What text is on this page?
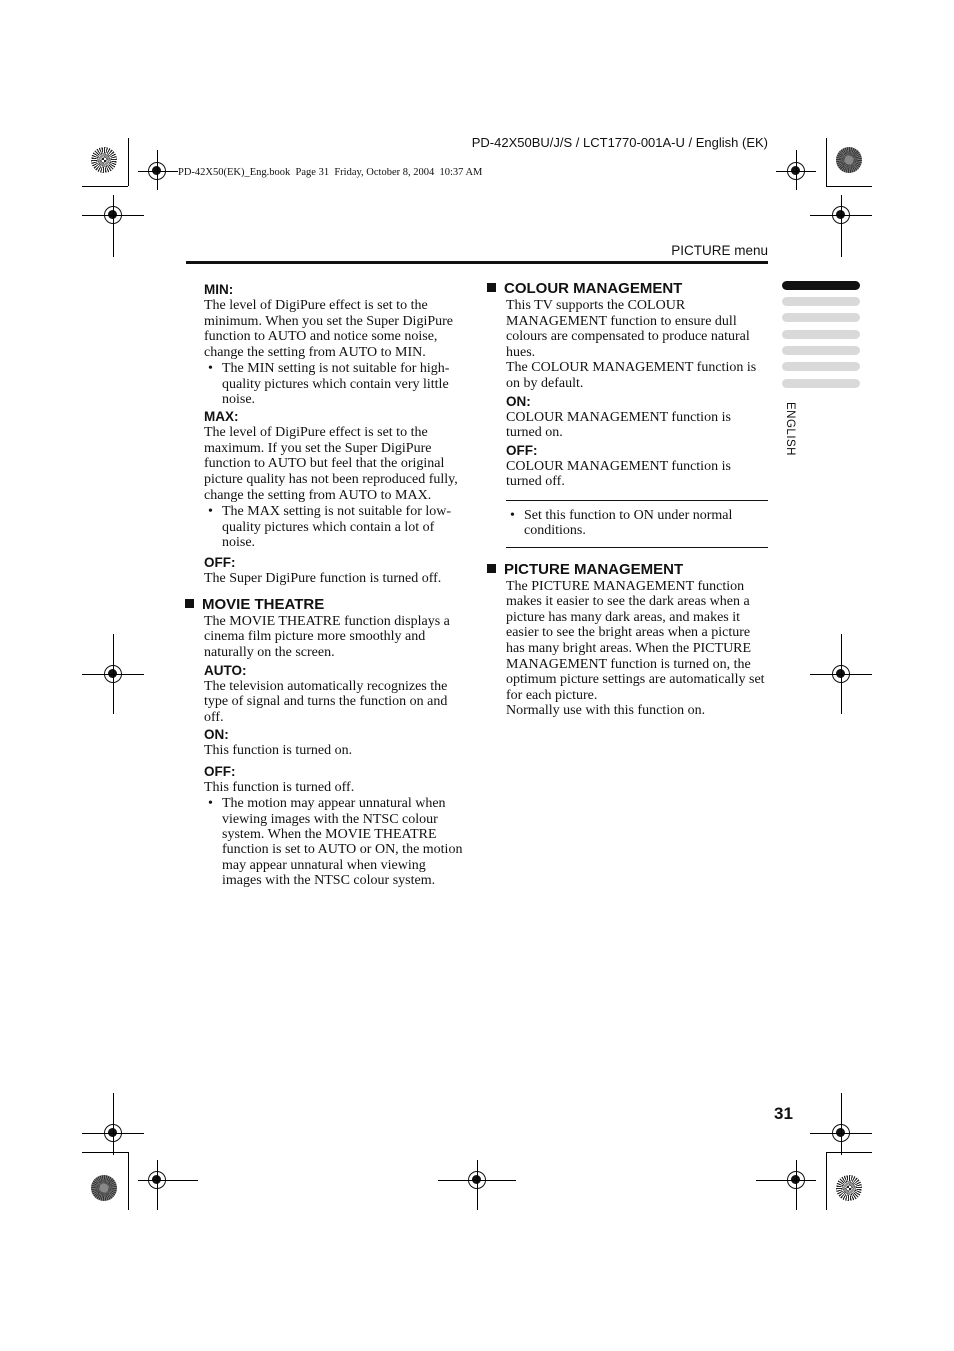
PD-42X50BU/J/S / LCT1770-001A-U / English (EK)
PD-42X50(EK)_Eng.book  Page 31  Friday, October 8, 2004  10:37 AM
PICTURE menu
ENGLISH
MIN:

The level of DigiPure effect is set to the minimum. When you set the Super DigiPure function to AUTO and notice some noise, change the setting from AUTO to MIN.

• The MIN setting is not suitable for high-quality pictures which contain very little noise.
MAX:

The level of DigiPure effect is set to the maximum. If you set the Super DigiPure function to AUTO but feel that the original picture quality has not been reproduced fully, change the setting from AUTO to MAX.

• The MAX setting is not suitable for low-quality pictures which contain a lot of noise.
OFF:

The Super DigiPure function is turned off.

MOVIE THEATRE

The MOVIE THEATRE function displays a cinema film picture more smoothly and naturally on the screen.

AUTO:

The television automatically recognizes the type of signal and turns the function on and off.

ON:

This function is turned on.

OFF:

This function is turned off.

• The motion may appear unnatural when viewing images with the NTSC colour system. When the MOVIE THEATRE function is set to AUTO or ON, the motion may appear unnatural when viewing images with the NTSC colour system.
COLOUR MANAGEMENT

This TV supports the COLOUR MANAGEMENT function to ensure dull colours are compensated to produce natural hues.

The COLOUR MANAGEMENT function is on by default.

ON:

COLOUR MANAGEMENT function is turned on.

OFF:

COLOUR MANAGEMENT function is turned off.

• Set this function to ON under normal conditions.
PICTURE MANAGEMENT

The PICTURE MANAGEMENT function makes it easier to see the dark areas when a picture has many dark areas, and makes it easier to see the bright areas when a picture has many bright areas. When the PICTURE MANAGEMENT function is turned on, the optimum picture settings are automatically set for each picture.

Normally use with this function on.

31
